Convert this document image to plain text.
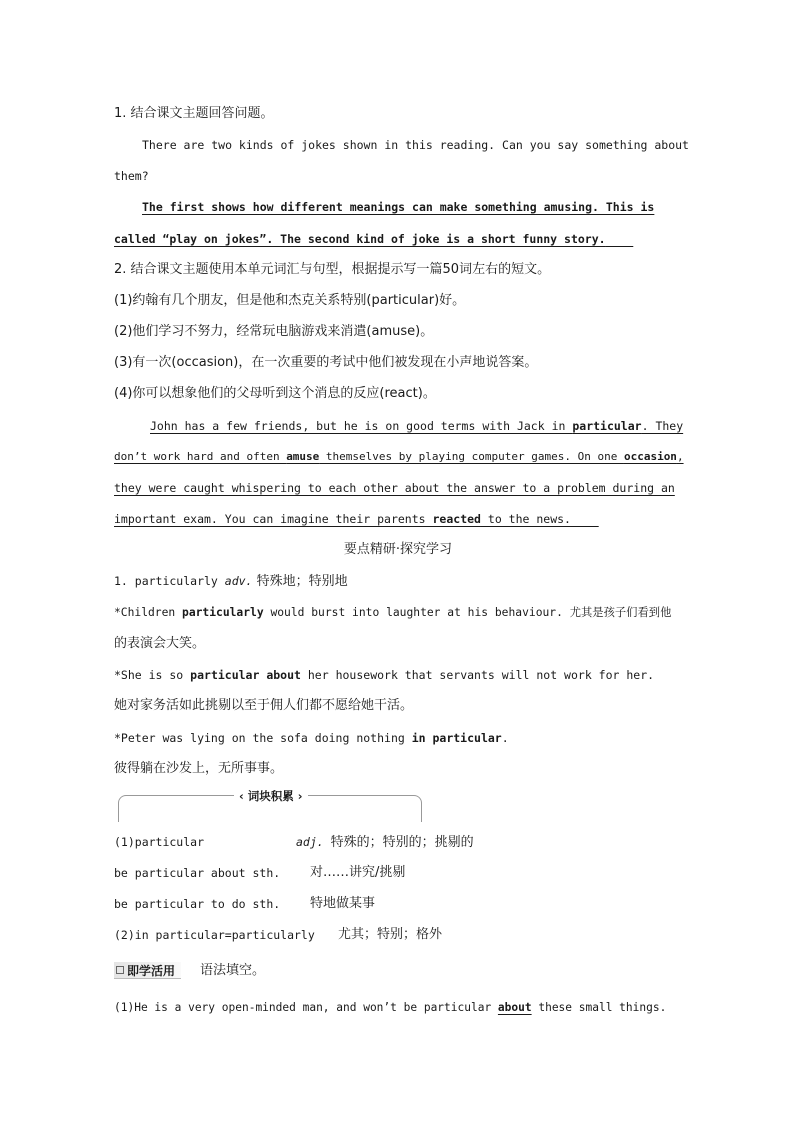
1. 结合课文主题回答问题。
There are two kinds of jokes shown in this reading. Can you say something about
them?
The first shows how different meanings can make something amusing. This is
called “play on jokes”. The second kind of joke is a short funny story.
2. 结合课文主题使用本单元词汇与句型，根据提示写一篇50词左右的短文。
(1)约翰有几个朋友，但是他和杰克关系特别(particular)好。
(2)他们学习不努力，经常玩电脑游戏来消遣(amuse)。
(3)有一次(occasion)，在一次重要的考试中他们被发现在小声地说答案。
(4)你可以想象他们的父母听到这个消息的反应(react)。
John has a few friends, but he is on good terms with Jack in particular. They
don’t work hard and often amuse themselves by playing computer games. On one occasion,
they were caught whispering to each other about the answer to a problem during an
important exam. You can imagine their parents reacted to the news.
要点精研·探究学习
1. particularly adv. 特殊地；特别地
*Children particularly would burst into laughter at his behaviour. 尤其是孩子们看到他
的表演会大笑。
*She is so particular about her housework that servants will not work for her.
她对家务活如此挑剔以至于佣人们都不愿给她干活。
*Peter was lying on the sofa doing nothing in particular.
彼得躺在沙发上，无所事事。
‹ 词块积累 ›
(1)particular	adj. 特殊的；特别的；挑剔的
be particular about sth. 对……讲究/挑剔
be particular to do sth. 特地做某事
(2)in particular=particularly 尤其；特别；格外
即学活用	语法填空。
(1)He is a very open-minded man, and won’t be particular about these small things.
